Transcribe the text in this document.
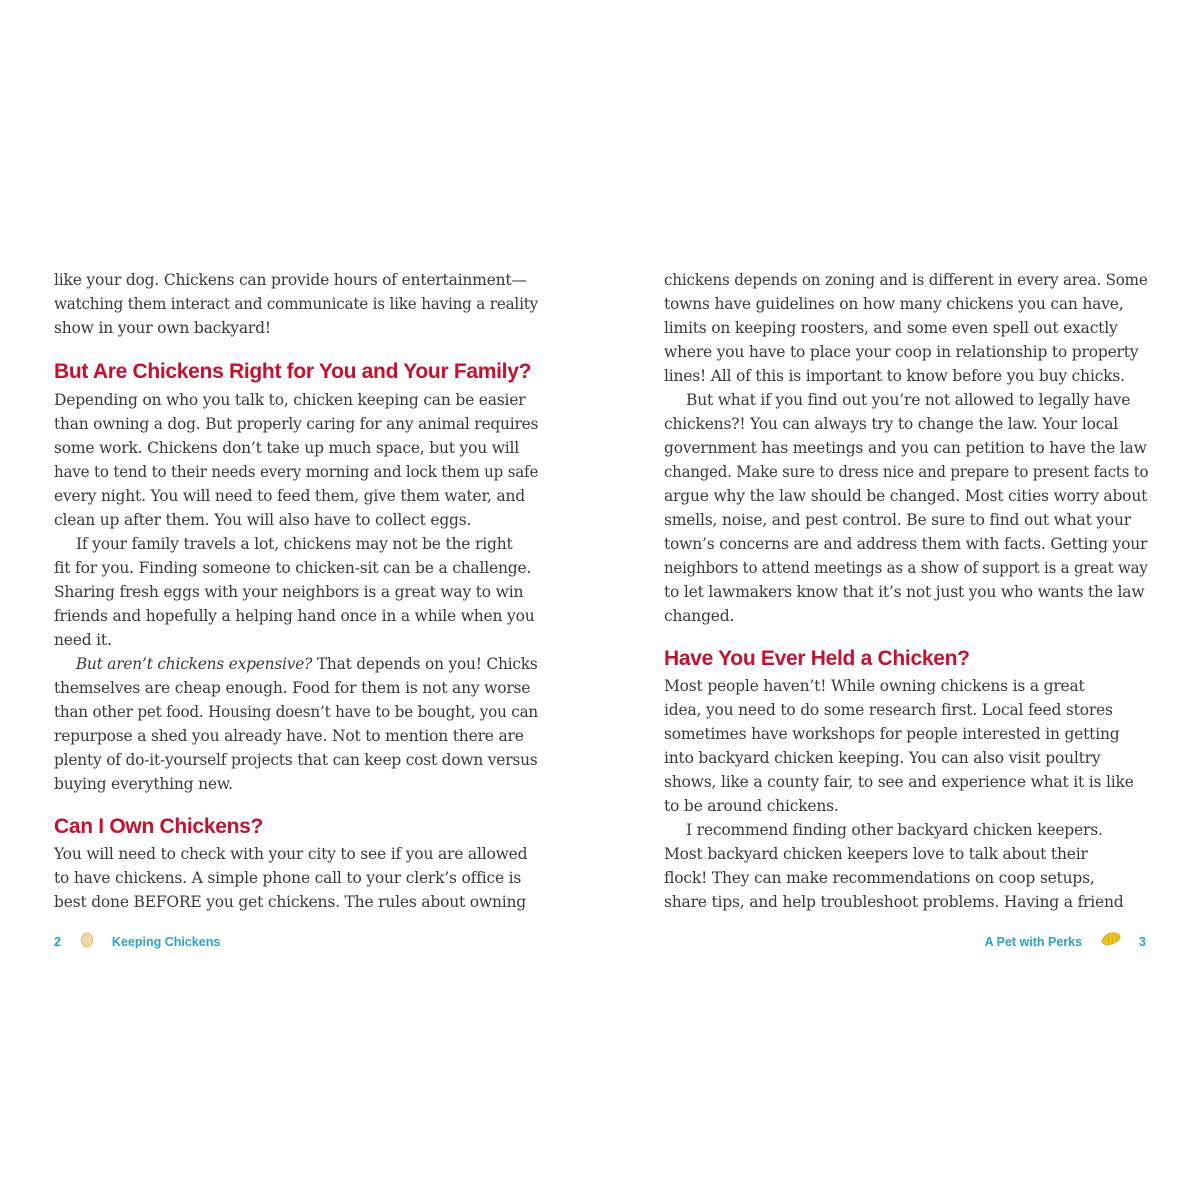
like your dog. Chickens can provide hours of entertainment—
watching them interact and communicate is like having a reality
show in your own backyard!
But Are Chickens Right for You and Your Family?
Depending on who you talk to, chicken keeping can be easier
than owning a dog. But properly caring for any animal requires
some work. Chickens don’t take up much space, but you will
have to tend to their needs every morning and lock them up safe
every night. You will need to feed them, give them water, and
clean up after them. You will also have to collect eggs.
If your family travels a lot, chickens may not be the right
fit for you. Finding someone to chicken-sit can be a challenge.
Sharing fresh eggs with your neighbors is a great way to win
friends and hopefully a helping hand once in a while when you
need it.
But aren’t chickens expensive? That depends on you! Chicks
themselves are cheap enough. Food for them is not any worse
than other pet food. Housing doesn’t have to be bought, you can
repurpose a shed you already have. Not to mention there are
plenty of do-it-yourself projects that can keep cost down versus
buying everything new.
Can I Own Chickens?
You will need to check with your city to see if you are allowed
to have chickens. A simple phone call to your clerk’s office is
best done BEFORE you get chickens. The rules about owning
2	Keeping Chickens
chickens depends on zoning and is different in every area. Some
towns have guidelines on how many chickens you can have,
limits on keeping roosters, and some even spell out exactly
where you have to place your coop in relationship to property
lines! All of this is important to know before you buy chicks.
But what if you find out you’re not allowed to legally have
chickens?! You can always try to change the law. Your local
government has meetings and you can petition to have the law
changed. Make sure to dress nice and prepare to present facts to
argue why the law should be changed. Most cities worry about
smells, noise, and pest control. Be sure to find out what your
town’s concerns are and address them with facts. Getting your
neighbors to attend meetings as a show of support is a great way
to let lawmakers know that it’s not just you who wants the law
changed.
Have You Ever Held a Chicken?
Most people haven’t! While owning chickens is a great
idea, you need to do some research first. Local feed stores
sometimes have workshops for people interested in getting
into backyard chicken keeping. You can also visit poultry
shows, like a county fair, to see and experience what it is like
to be around chickens.
I recommend finding other backyard chicken keepers.
Most backyard chicken keepers love to talk about their
flock! They can make recommendations on coop setups,
share tips, and help troubleshoot problems. Having a friend
A Pet with Perks	3
